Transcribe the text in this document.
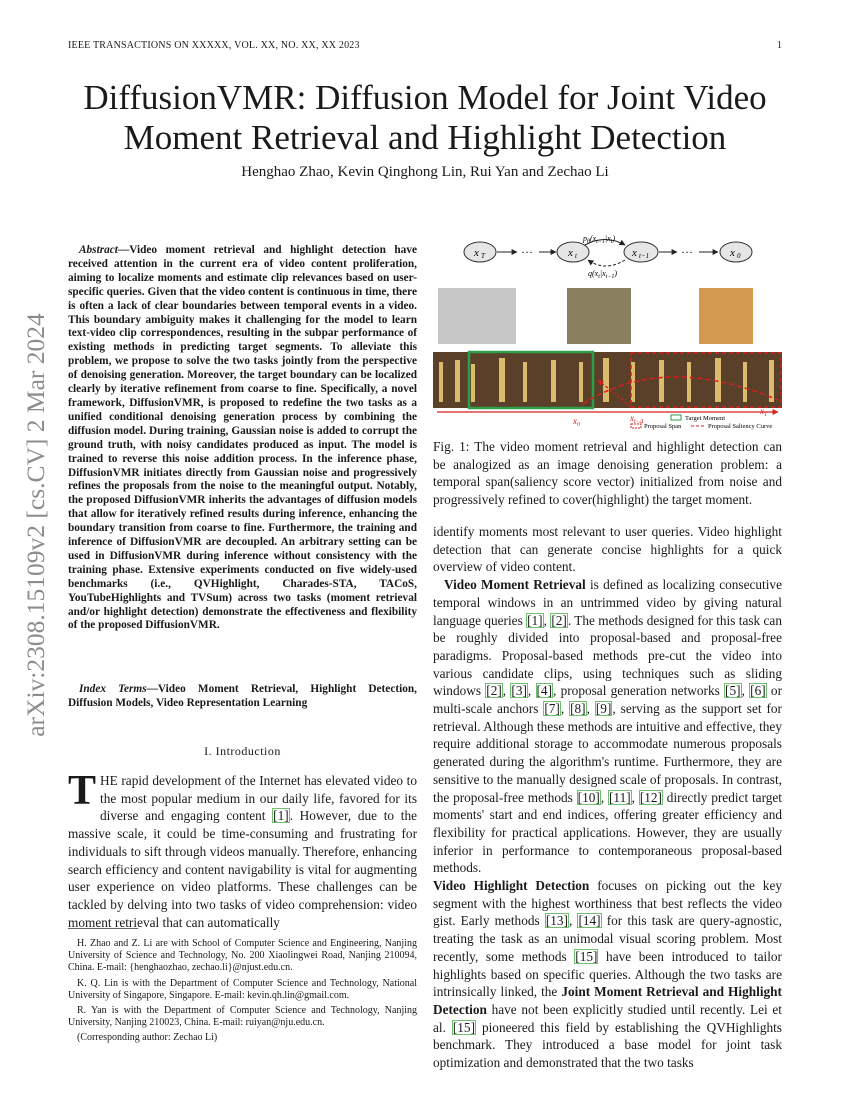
IEEE TRANSACTIONS ON XXXXX, VOL. XX, NO. XX, XX 2023	1
arXiv:2308.15109v2 [cs.CV] 2 Mar 2024
DiffusionVMR: Diffusion Model for Joint Video
Moment Retrieval and Highlight Detection
Henghao Zhao, Kevin Qinghong Lin, Rui Yan and Zechao Li

Abstract—Video moment retrieval and highlight detection have received attention in the current era of video content proliferation, aiming to localize moments and estimate clip relevances based on user-specific queries. Given that the video content is continuous in time, there is often a lack of clear boundaries between temporal events in a video. This boundary ambiguity makes it challenging for the model to learn text-video clip correspondences, resulting in the subpar performance of existing methods in predicting target segments. To alleviate this problem, we propose to solve the two tasks jointly from the perspective of denoising generation. Moreover, the target boundary can be localized clearly by iterative refinement from coarse to fine. Specifically, a novel framework, DiffusionVMR, is proposed to redefine the two tasks as a unified conditional denoising generation process by combining the diffusion model. During training, Gaussian noise is added to corrupt the ground truth, with noisy candidates produced as input. The model is trained to reverse this noise addition process. In the inference phase, DiffusionVMR initiates directly from Gaussian noise and progressively refines the proposals from the noise to the meaningful output. Notably, the proposed DiffusionVMR inherits the advantages of diffusion models that allow for iteratively refined results during inference, enhancing the boundary transition from coarse to fine. Furthermore, the training and inference of DiffusionVMR are decoupled. An arbitrary setting can be used in DiffusionVMR during inference without consistency with the training phase. Extensive experiments conducted on five widely-used benchmarks (i.e., QVHighlight, Charades-STA, TACoS, YouTubeHighlights and TVSum) across two tasks (moment retrieval and/or highlight detection) demonstrate the effectiveness and flexibility of the proposed DiffusionVMR.

Index Terms—Video Moment Retrieval, Highlight Detection, Diffusion Models, Video Representation Learning

I. Introduction
THE rapid development of the Internet has elevated video to the most popular medium in our daily life, favored for its diverse and engaging content [1]. However, due to the massive scale, it could be time-consuming and frustrating for individuals to sift through videos manually. Therefore, enhancing search efficiency and content navigability is vital for augmenting user experience on video platforms. These challenges can be tackled by delving into two tasks of video comprehension: video moment retrieval that can automatically

H. Zhao and Z. Li are with School of Computer Science and Engineering, Nanjing University of Science and Technology, No. 200 Xiaolingwei Road, Nanjing 210094, China. E-mail: {henghaozhao, zechao.li}@njust.edu.cn.

K. Q. Lin is with the Department of Computer Science and Technology, National University of Singapore, Singapore. E-mail: kevin.qh.lin@gmail.com.

R. Yan is with the Department of Computer Science and Technology, Nanjing University, Nanjing 210023, China. E-mail: ruiyan@nju.edu.cn.

(Corresponding author: Zechao Li)

x T	···	x t	x t−1	···	x 0
$p_\theta(x_{t-1}|x_t)$
$q(x_t|x_{t-1})$
$x_0$
$x_{t-\Delta}$
$x_T$
Target Moment
Proposal Span	Proposal Saliency Curve
Fig. 1: The video moment retrieval and highlight detection can be analogized as an image denoising generation problem: a temporal span(saliency score vector) initialized from noise and progressively refined to cover(highlight) the target moment.

identify moments most relevant to user queries. Video highlight detection that can generate concise highlights for a quick overview of video content.

Video Moment Retrieval is defined as localizing consecutive temporal windows in an untrimmed video by giving natural language queries [1], [2]. The methods designed for this task can be roughly divided into proposal-based and proposal-free paradigms. Proposal-based methods pre-cut the video into various candidate clips, using techniques such as sliding windows [2], [3], [4], proposal generation networks [5], [6] or multi-scale anchors [7], [8], [9], serving as the support set for retrieval. Although these methods are intuitive and effective, they require additional storage to accommodate numerous proposals generated during the algorithm's runtime. Furthermore, they are sensitive to the manually designed scale of proposals. In contrast, the proposal-free methods [10], [11], [12] directly predict target moments' start and end indices, offering greater efficiency and flexibility for practical applications. However, they are usually inferior in performance to contemporaneous proposal-based methods.
Video Highlight Detection focuses on picking out the key segment with the highest worthiness that best reflects the video gist. Early methods [13], [14] for this task are query-agnostic, treating the task as an unimodal visual scoring problem. Most recently, some methods [15] have been introduced to tailor highlights based on specific queries. Although the two tasks are intrinsically linked, the Joint Moment Retrieval and Highlight Detection have not been explicitly studied until recently. Lei et al. [15] pioneered this field by establishing the QVHighlights benchmark. They introduced a base model for joint task optimization and demonstrated that the two tasks
